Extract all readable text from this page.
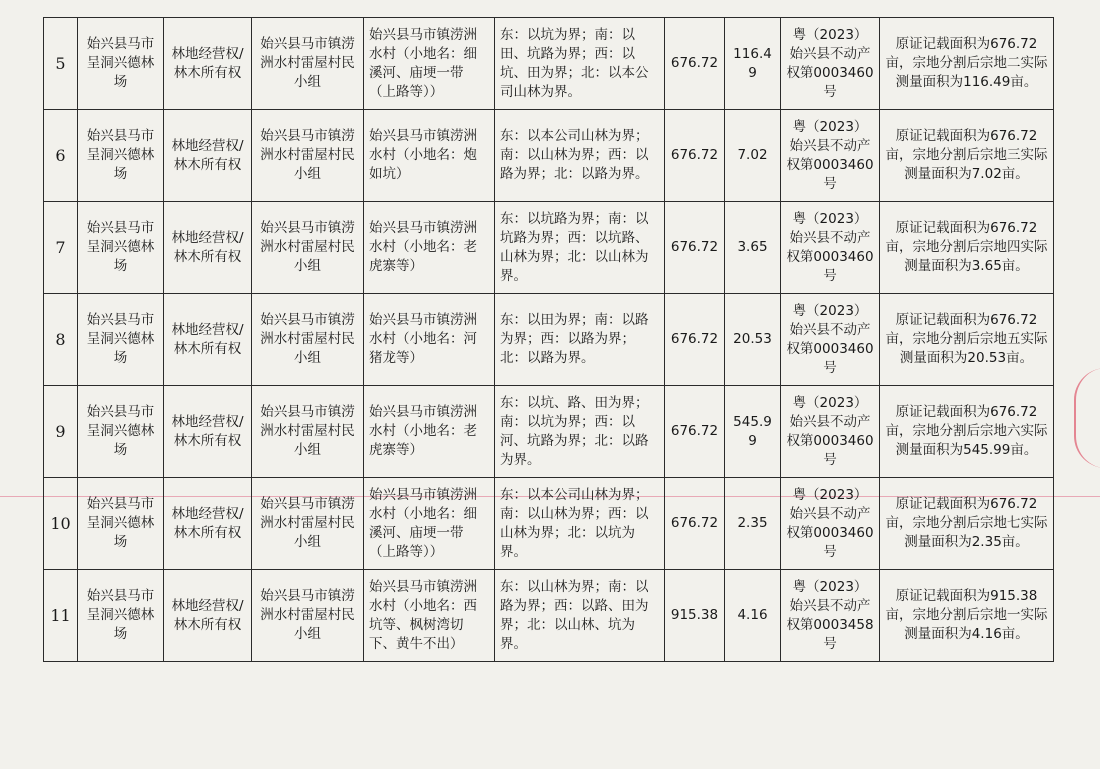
5	始兴县马市呈洞兴德林场	林地经营权/林木所有权	始兴县马市镇涝洲水村雷屋村民小组	始兴县马市镇涝洲水村（小地名：细溪河、庙埂一带（上路等））	东：以坑为界；南：以田、坑路为界；西：以坑、田为界；北：以本公司山林为界。	676.72	116.49	粤（2023）始兴县不动产权第0003460号	原证记载面积为676.72亩，宗地分割后宗地二实际测量面积为116.49亩。
6	始兴县马市呈洞兴德林场	林地经营权/林木所有权	始兴县马市镇涝洲水村雷屋村民小组	始兴县马市镇涝洲水村（小地名：炮如坑）	东：以本公司山林为界；南：以山林为界；西：以路为界；北：以路为界。	676.72	7.02	粤（2023）始兴县不动产权第0003460号	原证记载面积为676.72亩，宗地分割后宗地三实际测量面积为7.02亩。
7	始兴县马市呈洞兴德林场	林地经营权/林木所有权	始兴县马市镇涝洲水村雷屋村民小组	始兴县马市镇涝洲水村（小地名：老虎寨等）	东：以坑路为界；南：以坑路为界；西：以坑路、山林为界；北：以山林为界。	676.72	3.65	粤（2023）始兴县不动产权第0003460号	原证记载面积为676.72亩，宗地分割后宗地四实际测量面积为3.65亩。
8	始兴县马市呈洞兴德林场	林地经营权/林木所有权	始兴县马市镇涝洲水村雷屋村民小组	始兴县马市镇涝洲水村（小地名：河猪龙等）	东：以田为界；南：以路为界；西：以路为界；北：以路为界。	676.72	20.53	粤（2023）始兴县不动产权第0003460号	原证记载面积为676.72亩，宗地分割后宗地五实际测量面积为20.53亩。
9	始兴县马市呈洞兴德林场	林地经营权/林木所有权	始兴县马市镇涝洲水村雷屋村民小组	始兴县马市镇涝洲水村（小地名：老虎寨等）	东：以坑、路、田为界；南：以坑为界；西：以河、坑路为界；北：以路为界。	676.72	545.99	粤（2023）始兴县不动产权第0003460号	原证记载面积为676.72亩，宗地分割后宗地六实际测量面积为545.99亩。
10	始兴县马市呈洞兴德林场	林地经营权/林木所有权	始兴县马市镇涝洲水村雷屋村民小组	始兴县马市镇涝洲水村（小地名：细溪河、庙埂一带（上路等））	东：以本公司山林为界；南：以山林为界；西：以山林为界；北：以坑为界。	676.72	2.35	粤（2023）始兴县不动产权第0003460号	原证记载面积为676.72亩，宗地分割后宗地七实际测量面积为2.35亩。
11	始兴县马市呈洞兴德林场	林地经营权/林木所有权	始兴县马市镇涝洲水村雷屋村民小组	始兴县马市镇涝洲水村（小地名：西坑等、枫树湾切下、黄牛不出）	东：以山林为界；南：以路为界；西：以路、田为界；北：以山林、坑为界。	915.38	4.16	粤（2023）始兴县不动产权第0003458号	原证记载面积为915.38亩，宗地分割后宗地一实际测量面积为4.16亩。
